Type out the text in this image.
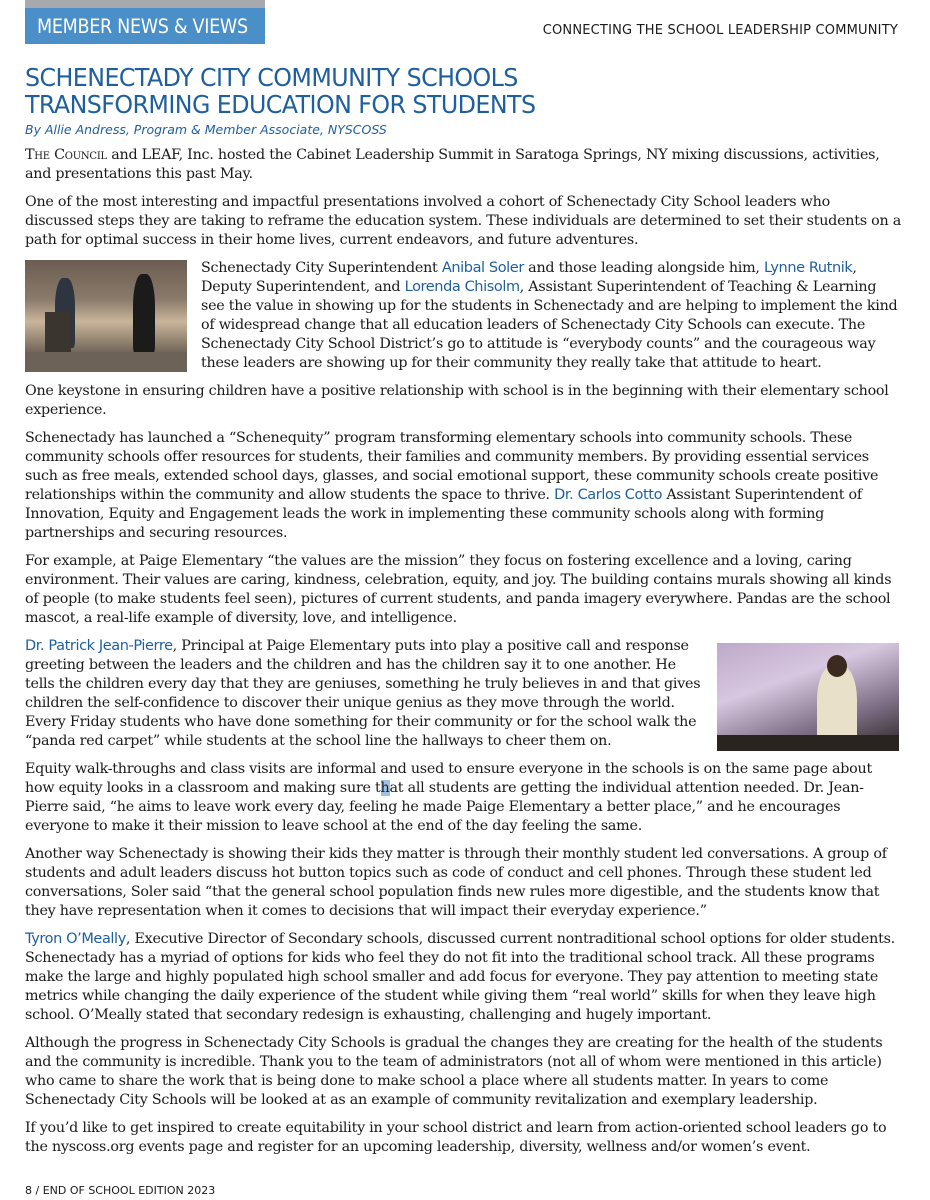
MEMBER NEWS & VIEWS	CONNECTING THE SCHOOL LEADERSHIP COMMUNITY
SCHENECTADY CITY COMMUNITY SCHOOLS
TRANSFORMING EDUCATION FOR STUDENTS
By Allie Andress, Program & Member Associate, NYSCOSS

The Council and LEAF, Inc. hosted the Cabinet Leadership Summit in Saratoga Springs, NY mixing discussions, activities, and presentations this past May.

One of the most interesting and impactful presentations involved a cohort of Schenectady City School leaders who discussed steps they are taking to reframe the education system. These individuals are determined to set their students on a path for optimal success in their home lives, current endeavors, and future adventures.

Schenectady City Superintendent Anibal Soler and those leading alongside him, Lynne Rutnik, Deputy Superintendent, and Lorenda Chisolm, Assistant Superintendent of Teaching & Learning see the value in showing up for the students in Schenectady and are helping to implement the kind of widespread change that all education leaders of Schenectady City Schools can execute. The Schenectady City School District’s go to attitude is “everybody counts” and the courageous way these leaders are showing up for their community they really take that attitude to heart.

One keystone in ensuring children have a positive relationship with school is in the beginning with their elementary school experience.

Schenectady has launched a “Schenequity” program transforming elementary schools into community schools. These community schools offer resources for students, their families and community members. By providing essential services such as free meals, extended school days, glasses, and social emotional support, these community schools create positive relationships within the community and allow students the space to thrive. Dr. Carlos Cotto Assistant Superintendent of Innovation, Equity and Engagement leads the work in implementing these community schools along with forming partnerships and securing resources.

For example, at Paige Elementary “the values are the mission” they focus on fostering excellence and a loving, caring environment. Their values are caring, kindness, celebration, equity, and joy. The building contains murals showing all kinds of people (to make students feel seen), pictures of current students, and panda imagery everywhere. Pandas are the school mascot, a real-life example of diversity, love, and intelligence.

Dr. Patrick Jean-Pierre, Principal at Paige Elementary puts into play a positive call and response greeting between the leaders and the children and has the children say it to one another. He tells the children every day that they are geniuses, something he truly believes in and that gives children the self-confidence to discover their unique genius as they move through the world. Every Friday students who have done something for their community or for the school walk the “panda red carpet” while students at the school line the hallways to cheer them on.

Equity walk-throughs and class visits are informal and used to ensure everyone in the schools is on the same page about how equity looks in a classroom and making sure that all students are getting the individual attention needed. Dr. Jean-Pierre said, “he aims to leave work every day, feeling he made Paige Elementary a better place,” and he encourages everyone to make it their mission to leave school at the end of the day feeling the same.

Another way Schenectady is showing their kids they matter is through their monthly student led conversations. A group of students and adult leaders discuss hot button topics such as code of conduct and cell phones. Through these student led conversations, Soler said “that the general school population finds new rules more digestible, and the students know that they have representation when it comes to decisions that will impact their everyday experience.”

Tyron O’Meally, Executive Director of Secondary schools, discussed current nontraditional school options for older students. Schenectady has a myriad of options for kids who feel they do not fit into the traditional school track. All these programs make the large and highly populated high school smaller and add focus for everyone. They pay attention to meeting state metrics while changing the daily experience of the student while giving them “real world” skills for when they leave high school. O’Meally stated that secondary redesign is exhausting, challenging and hugely important.

Although the progress in Schenectady City Schools is gradual the changes they are creating for the health of the students and the community is incredible. Thank you to the team of administrators (not all of whom were mentioned in this article) who came to share the work that is being done to make school a place where all students matter. In years to come Schenectady City Schools will be looked at as an example of community revitalization and exemplary leadership.

If you’d like to get inspired to create equitability in your school district and learn from action-oriented school leaders go to the nyscoss.org events page and register for an upcoming leadership, diversity, wellness and/or women’s event.

8 / END OF SCHOOL EDITION 2023
